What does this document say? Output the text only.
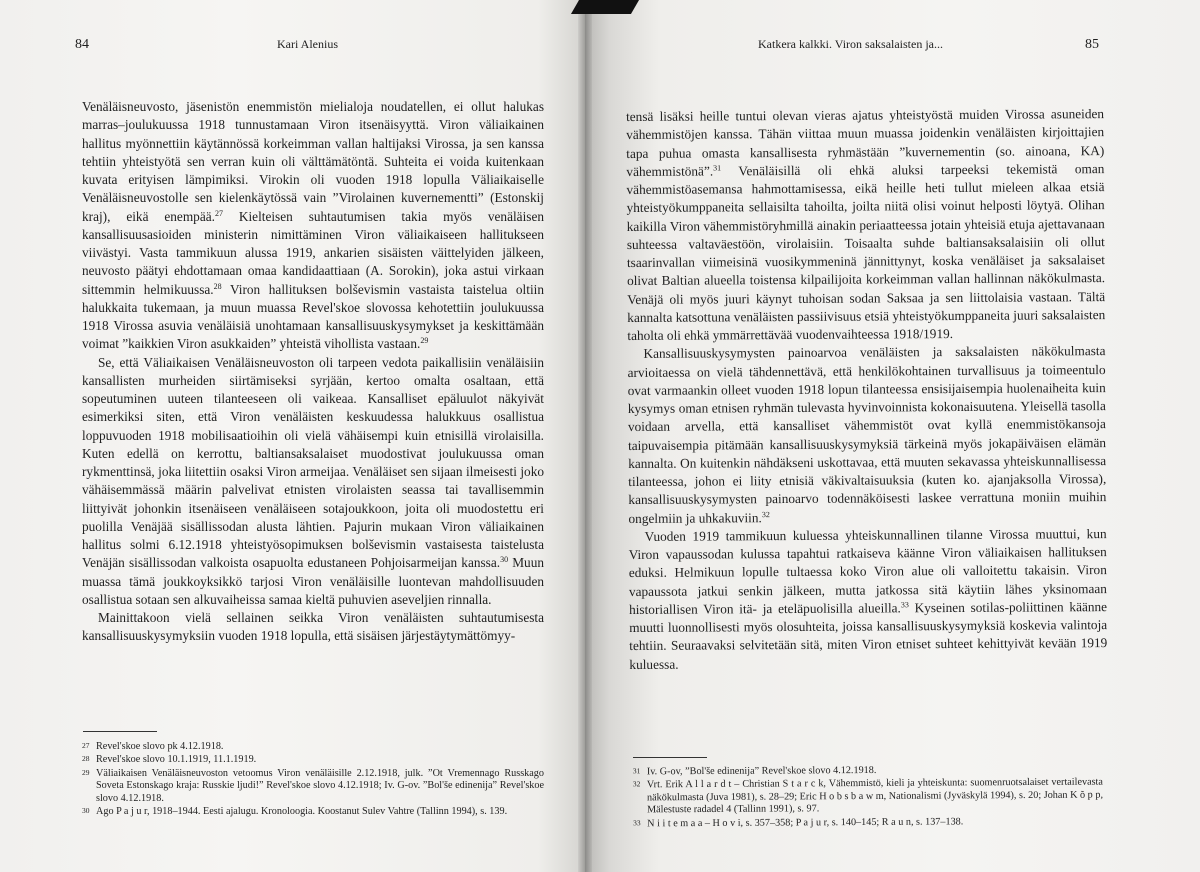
84	Kari Alenius

Venäläisneuvosto, jäsenistön enemmistön mielialoja noudatellen, ei ollut halukas marras–joulukuussa 1918 tunnustamaan Viron itsenäisyyttä. Viron väliaikainen hallitus myönnettiin käytännössä korkeimman vallan haltijaksi Virossa, ja sen kanssa tehtiin yhteistyötä sen verran kuin oli välttämätöntä. Suhteita ei voida kuitenkaan kuvata erityisen lämpimiksi. Virokin oli vuoden 1918 lopulla Väliaikaiselle Venäläisneuvostolle sen kielenkäytössä vain ”Virolainen kuvernementti” (Estonskij kraj), eikä enempää.$^{27}$ Kielteisen suhtautumisen takia myös venäläisen kansallisuusasioiden ministerin nimittäminen Viron väliaikaiseen hallitukseen viivästyi. Vasta tammikuun alussa 1919, ankarien sisäisten väittelyiden jälkeen, neuvosto päätyi ehdottamaan omaa kandidaattiaan (A. Sorokin), joka astui virkaan sittemmin helmikuussa.$^{28}$ Viron hallituksen bolševismin vastaista taistelua oltiin halukkaita tukemaan, ja muun muassa Revel'skoe slovossa kehotettiin joulukuussa 1918 Virossa asuvia venäläisiä unohtamaan kansallisuuskysymykset ja keskittämään voimat ”kaikkien Viron asukkaiden” yhteistä vihollista vastaan.$^{29}$

Se, että Väliaikaisen Venäläisneuvoston oli tarpeen vedota paikallisiin venäläisiin kansallisten murheiden siirtämiseksi syrjään, kertoo omalta osaltaan, että sopeutuminen uuteen tilanteeseen oli vaikeaa. Kansalliset epäluulot näkyivät esimerkiksi siten, että Viron venäläisten keskuudessa halukkuus osallistua loppuvuoden 1918 mobilisaatioihin oli vielä vähäisempi kuin etnisillä virolaisilla. Kuten edellä on kerrottu, baltiansaksalaiset muodostivat joulukuussa oman rykmenttinsä, joka liitettiin osaksi Viron armeijaa. Venäläiset sen sijaan ilmeisesti joko vähäisemmässä määrin palvelivat etnisten virolaisten seassa tai tavallisemmin liittyivät johonkin itsenäiseen venäläiseen sotajoukkoon, joita oli muodostettu eri puolilla Venäjää sisällissodan alusta lähtien. Pajurin mukaan Viron väliaikainen hallitus solmi 6.12.1918 yhteistyösopimuksen bolševismin vastaisesta taistelusta Venäjän sisällissodan valkoista osapuolta edustaneen Pohjoisarmeijan kanssa.$^{30}$ Muun muassa tämä joukkoyksikkö tarjosi Viron venäläisille luontevan mahdollisuuden osallistua sotaan sen alkuvaiheissa samaa kieltä puhuvien aseveljien rinnalla.

Mainittakoon vielä sellainen seikka Viron venäläisten suhtautumisesta kansallisuuskysymyksiin vuoden 1918 lopulla, että sisäisen järjestäytymättömyy-

27 Revel'skoe slovo pk 4.12.1918.
28 Revel'skoe slovo 10.1.1919, 11.1.1919.
29 Väliaikaisen Venäläisneuvoston vetoomus Viron venäläisille 2.12.1918, julk. ”Ot Vremennago Russkago Soveta Estonskago kraja: Russkie ljudi!” Revel'skoe slovo 4.12.1918; Iv. G-ov. ”Bol'še edinenija” Revel'skoe slovo 4.12.1918.
30 Ago P a j u r, 1918–1944. Eesti ajalugu. Kronoloogia. Koostanut Sulev Vahtre (Tallinn 1994), s. 139.
Katkera kalkki. Viron saksalaisten ja...	85

tensä lisäksi heille tuntui olevan vieras ajatus yhteistyöstä muiden Virossa asuneiden vähemmistöjen kanssa. Tähän viittaa muun muassa joidenkin venäläisten kirjoittajien tapa puhua omasta kansallisesta ryhmästään ”kuvernementin (so. ainoana, KA) vähemmistönä”.$^{31}$ Venäläisillä oli ehkä aluksi tarpeeksi tekemistä oman vähemmistöasemansa hahmottamisessa, eikä heille heti tullut mieleen alkaa etsiä yhteistyökumppaneita sellaisilta tahoilta, joilta niitä olisi voinut helposti löytyä. Olihan kaikilla Viron vähemmistöryhmillä ainakin periaatteessa jotain yhteisiä etuja ajettavanaan suhteessa valtaväestöön, virolaisiin. Toisaalta suhde baltiansaksalaisiin oli ollut tsaarinvallan viimeisinä vuosikymmeninä jännittynyt, koska venäläiset ja saksalaiset olivat Baltian alueella toistensa kilpailijoita korkeimman vallan hallinnan näkökulmasta. Venäjä oli myös juuri käynyt tuhoisan sodan Saksaa ja sen liittolaisia vastaan. Tältä kannalta katsottuna venäläisten passiivisuus etsiä yhteistyökumppaneita juuri saksalaisten taholta oli ehkä ymmärrettävää vuodenvaihteessa 1918/1919.

Kansallisuuskysymysten painoarvoa venäläisten ja saksalaisten näkökulmasta arvioitaessa on vielä tähdennettävä, että henkilökohtainen turvallisuus ja toimeentulo ovat varmaankin olleet vuoden 1918 lopun tilanteessa ensisijaisempia huolenaiheita kuin kysymys oman etnisen ryhmän tulevasta hyvinvoinnista kokonaisuutena. Yleisellä tasolla voidaan arvella, että kansalliset vähemmistöt ovat kyllä enemmistökansoja taipuvaisempia pitämään kansallisuuskysymyksiä tärkeinä myös jokapäiväisen elämän kannalta. On kuitenkin nähdäkseni uskottavaa, että muuten sekavassa yhteiskunnallisessa tilanteessa, johon ei liity etnisiä väkivaltaisuuksia (kuten ko. ajanjaksolla Virossa), kansallisuuskysymysten painoarvo todennäköisesti laskee verrattuna moniin muihin ongelmiin ja uhkakuviin.$^{32}$

Vuoden 1919 tammikuun kuluessa yhteiskunnallinen tilanne Virossa muuttui, kun Viron vapaussodan kulussa tapahtui ratkaiseva käänne Viron väliaikaisen hallituksen eduksi. Helmikuun lopulle tultaessa koko Viron alue oli valloitettu takaisin. Viron vapaussota jatkui senkin jälkeen, mutta jatkossa sitä käytiin lähes yksinomaan historiallisen Viron itä- ja eteläpuolisilla alueilla.$^{33}$ Kyseinen sotilas-poliittinen käänne muutti luonnollisesti myös olosuhteita, joissa kansallisuuskysymyksiä koskevia valintoja tehtiin. Seuraavaksi selvitetään sitä, miten Viron etniset suhteet kehittyivät kevään 1919 kuluessa.

31 Iv. G-ov, ”Bol'še edinenija” Revel'skoe slovo 4.12.1918.
32 Vrt. Erik A l l a r d t – Christian S t a r c k, Vähemmistö, kieli ja yhteiskunta: suomenruotsalaiset vertailevasta näkökulmasta (Juva 1981), s. 28–29; Eric H o b s b a w m, Nationalismi (Jyväskylä 1994), s. 20; Johan K õ p p, Mälestuste radadel 4 (Tallinn 1991), s. 97.
33 N i i t e m a a – H o v i, s. 357–358; P a j u r, s. 140–145; R a u n, s. 137–138.
